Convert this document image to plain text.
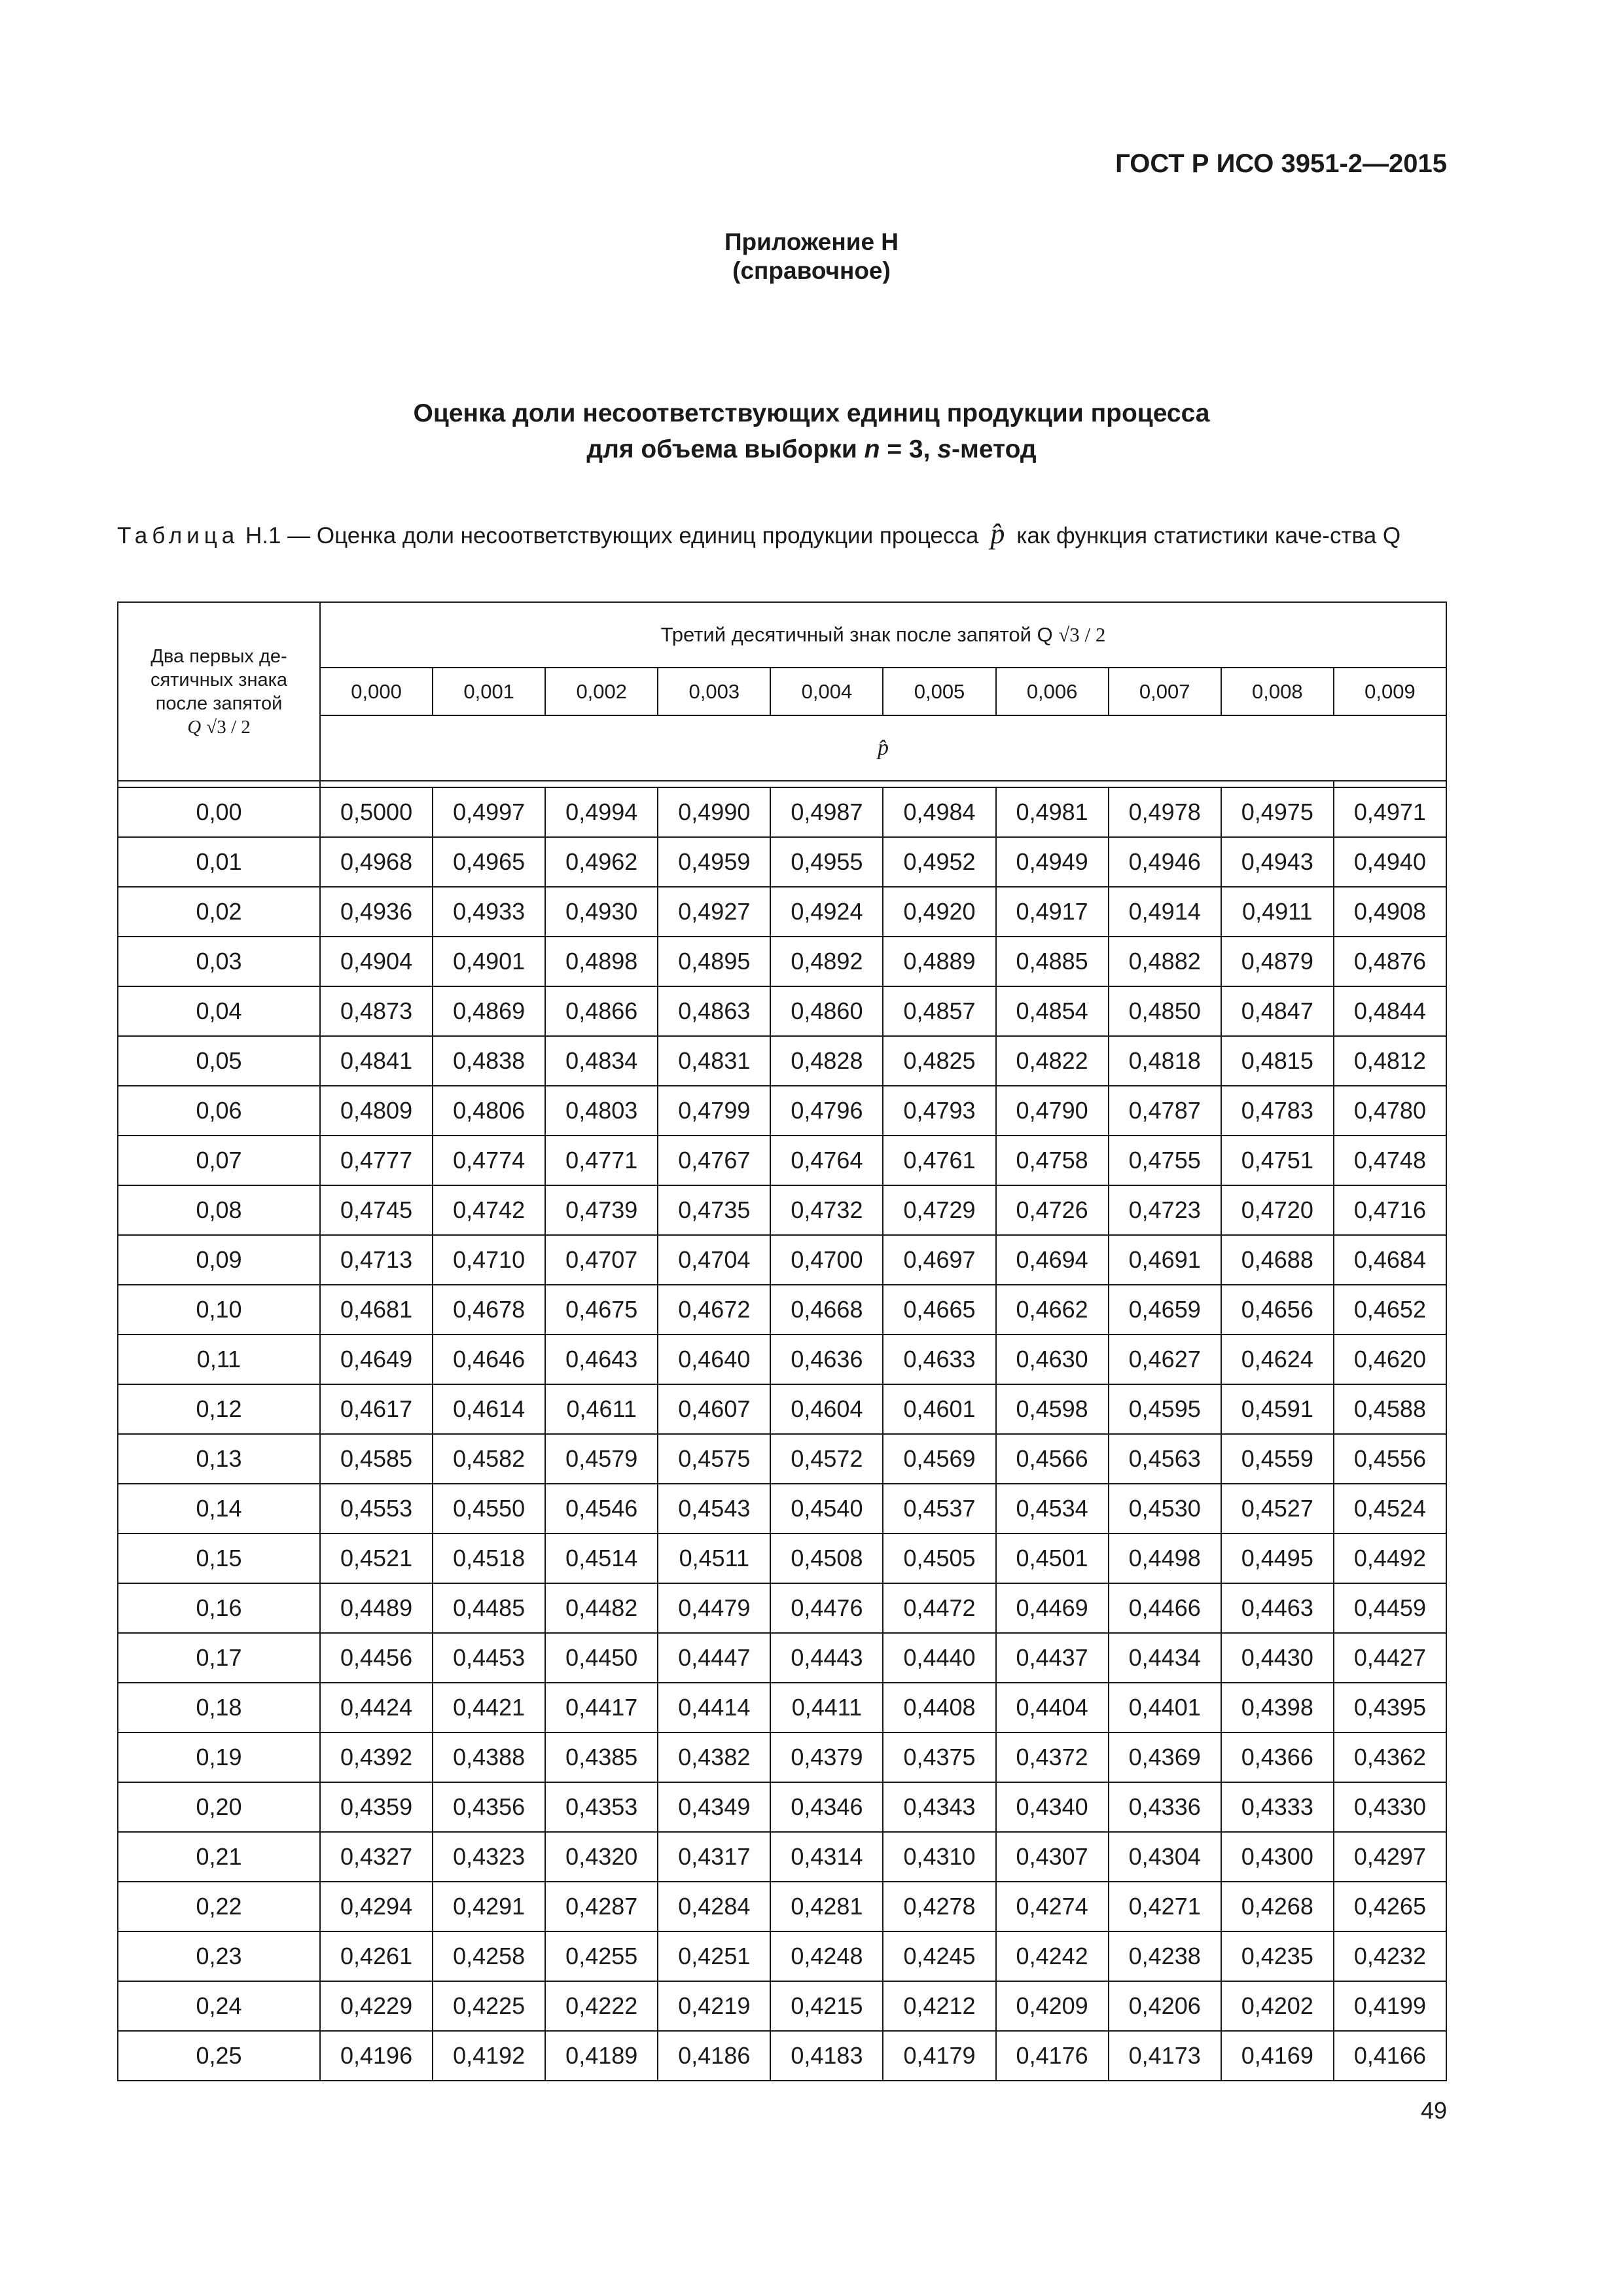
ГОСТ Р ИСО 3951-2—2015
Приложение Н
(справочное)
Оценка доли несоответствующих единиц продукции процесса
для объема выборки n = 3, s-метод
Таблица Н.1 — Оценка доли несоответствующих единиц продукции процесса p̂ как функция статистики каче-ства Q
Два первых де-
сятичных знака
после запятой
Q √3 / 2	Третий десятичный знак после запятой Q √3 / 2									
	0,000	0,001	0,002	0,003	0,004	0,005	0,006	0,007	0,008	0,009
	p̂									

0,00	0,5000	0,4997	0,4994	0,4990	0,4987	0,4984	0,4981	0,4978	0,4975	0,4971
0,01	0,4968	0,4965	0,4962	0,4959	0,4955	0,4952	0,4949	0,4946	0,4943	0,4940
0,02	0,4936	0,4933	0,4930	0,4927	0,4924	0,4920	0,4917	0,4914	0,4911	0,4908
0,03	0,4904	0,4901	0,4898	0,4895	0,4892	0,4889	0,4885	0,4882	0,4879	0,4876
0,04	0,4873	0,4869	0,4866	0,4863	0,4860	0,4857	0,4854	0,4850	0,4847	0,4844
0,05	0,4841	0,4838	0,4834	0,4831	0,4828	0,4825	0,4822	0,4818	0,4815	0,4812
0,06	0,4809	0,4806	0,4803	0,4799	0,4796	0,4793	0,4790	0,4787	0,4783	0,4780
0,07	0,4777	0,4774	0,4771	0,4767	0,4764	0,4761	0,4758	0,4755	0,4751	0,4748
0,08	0,4745	0,4742	0,4739	0,4735	0,4732	0,4729	0,4726	0,4723	0,4720	0,4716
0,09	0,4713	0,4710	0,4707	0,4704	0,4700	0,4697	0,4694	0,4691	0,4688	0,4684
0,10	0,4681	0,4678	0,4675	0,4672	0,4668	0,4665	0,4662	0,4659	0,4656	0,4652
0,11	0,4649	0,4646	0,4643	0,4640	0,4636	0,4633	0,4630	0,4627	0,4624	0,4620
0,12	0,4617	0,4614	0,4611	0,4607	0,4604	0,4601	0,4598	0,4595	0,4591	0,4588
0,13	0,4585	0,4582	0,4579	0,4575	0,4572	0,4569	0,4566	0,4563	0,4559	0,4556
0,14	0,4553	0,4550	0,4546	0,4543	0,4540	0,4537	0,4534	0,4530	0,4527	0,4524
0,15	0,4521	0,4518	0,4514	0,4511	0,4508	0,4505	0,4501	0,4498	0,4495	0,4492
0,16	0,4489	0,4485	0,4482	0,4479	0,4476	0,4472	0,4469	0,4466	0,4463	0,4459
0,17	0,4456	0,4453	0,4450	0,4447	0,4443	0,4440	0,4437	0,4434	0,4430	0,4427
0,18	0,4424	0,4421	0,4417	0,4414	0,4411	0,4408	0,4404	0,4401	0,4398	0,4395
0,19	0,4392	0,4388	0,4385	0,4382	0,4379	0,4375	0,4372	0,4369	0,4366	0,4362
0,20	0,4359	0,4356	0,4353	0,4349	0,4346	0,4343	0,4340	0,4336	0,4333	0,4330
0,21	0,4327	0,4323	0,4320	0,4317	0,4314	0,4310	0,4307	0,4304	0,4300	0,4297
0,22	0,4294	0,4291	0,4287	0,4284	0,4281	0,4278	0,4274	0,4271	0,4268	0,4265
0,23	0,4261	0,4258	0,4255	0,4251	0,4248	0,4245	0,4242	0,4238	0,4235	0,4232
0,24	0,4229	0,4225	0,4222	0,4219	0,4215	0,4212	0,4209	0,4206	0,4202	0,4199
0,25	0,4196	0,4192	0,4189	0,4186	0,4183	0,4179	0,4176	0,4173	0,4169	0,4166
49
